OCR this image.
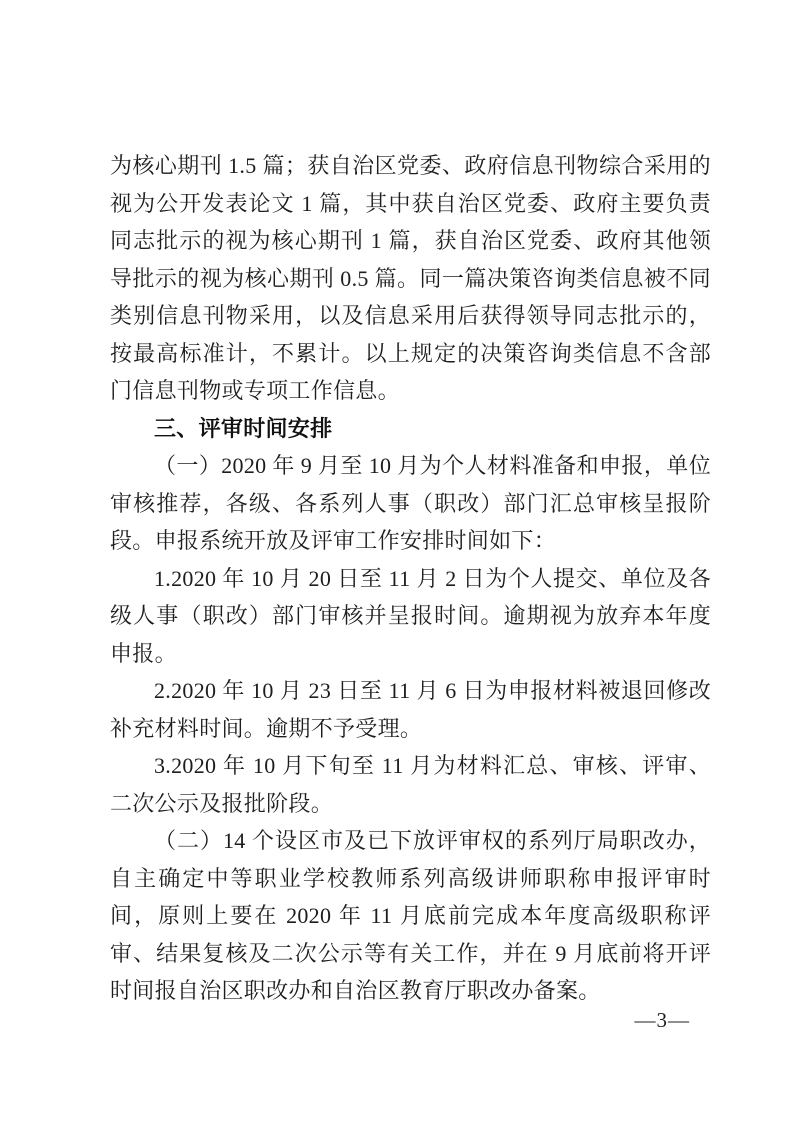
为核心期刊 1.5 篇；获自治区党委、政府信息刊物综合采用的视为公开发表论文 1 篇，其中获自治区党委、政府主要负责同志批示的视为核心期刊 1 篇，获自治区党委、政府其他领导批示的视为核心期刊 0.5 篇。同一篇决策咨询类信息被不同类别信息刊物采用，以及信息采用后获得领导同志批示的，按最高标准计，不累计。以上规定的决策咨询类信息不含部门信息刊物或专项工作信息。

三、评审时间安排

（一）2020 年 9 月至 10 月为个人材料准备和申报，单位审核推荐，各级、各系列人事（职改）部门汇总审核呈报阶段。申报系统开放及评审工作安排时间如下：

1.2020 年 10 月 20 日至 11 月 2 日为个人提交、单位及各级人事（职改）部门审核并呈报时间。逾期视为放弃本年度申报。

2.2020 年 10 月 23 日至 11 月 6 日为申报材料被退回修改补充材料时间。逾期不予受理。

3.2020 年 10 月下旬至 11 月为材料汇总、审核、评审、二次公示及报批阶段。

（二）14 个设区市及已下放评审权的系列厅局职改办，自主确定中等职业学校教师系列高级讲师职称申报评审时间，原则上要在 2020 年 11 月底前完成本年度高级职称评审、结果复核及二次公示等有关工作，并在 9 月底前将开评时间报自治区职改办和自治区教育厅职改办备案。

—3—
